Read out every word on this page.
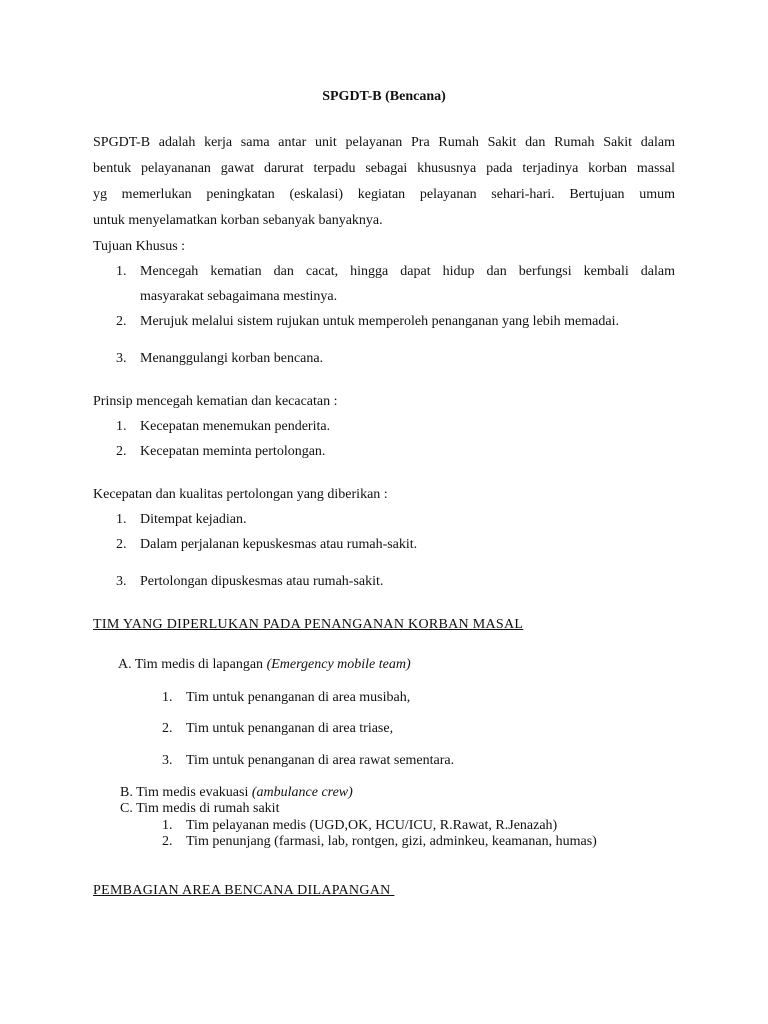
SPGDT-B (Bencana)
SPGDT-B adalah kerja sama antar unit pelayanan Pra Rumah Sakit dan Rumah Sakit dalam
bentuk pelayananan gawat darurat terpadu sebagai khususnya pada terjadinya korban massal
yg memerlukan peningkatan (eskalasi) kegiatan pelayanan sehari-hari. Bertujuan umum
untuk menyelamatkan korban sebanyak banyaknya.
Tujuan Khusus :
1. Mencegah kematian dan cacat, hingga dapat hidup dan berfungsi kembali dalam
masyarakat sebagaimana mestinya.
2. Merujuk melalui sistem rujukan untuk memperoleh penanganan yang lebih memadai.
3. Menanggulangi korban bencana.
Prinsip mencegah kematian dan kecacatan :
1. Kecepatan menemukan penderita.
2. Kecepatan meminta pertolongan.
Kecepatan dan kualitas pertolongan yang diberikan :
1. Ditempat kejadian.
2. Dalam perjalanan kepuskesmas atau rumah-sakit.
3. Pertolongan dipuskesmas atau rumah-sakit.
TIM YANG DIPERLUKAN PADA PENANGANAN KORBAN MASAL
A. Tim medis di lapangan (Emergency mobile team)
1. Tim untuk penanganan di area musibah,
2. Tim untuk penanganan di area triase,
3. Tim untuk penanganan di area rawat sementara.
B. Tim medis evakuasi (ambulance crew)
C. Tim medis di rumah sakit
1. Tim pelayanan medis (UGD,OK, HCU/ICU, R.Rawat, R.Jenazah)
2. Tim penunjang (farmasi, lab, rontgen, gizi, adminkeu, keamanan, humas)
PEMBAGIAN AREA BENCANA DILAPANGAN
